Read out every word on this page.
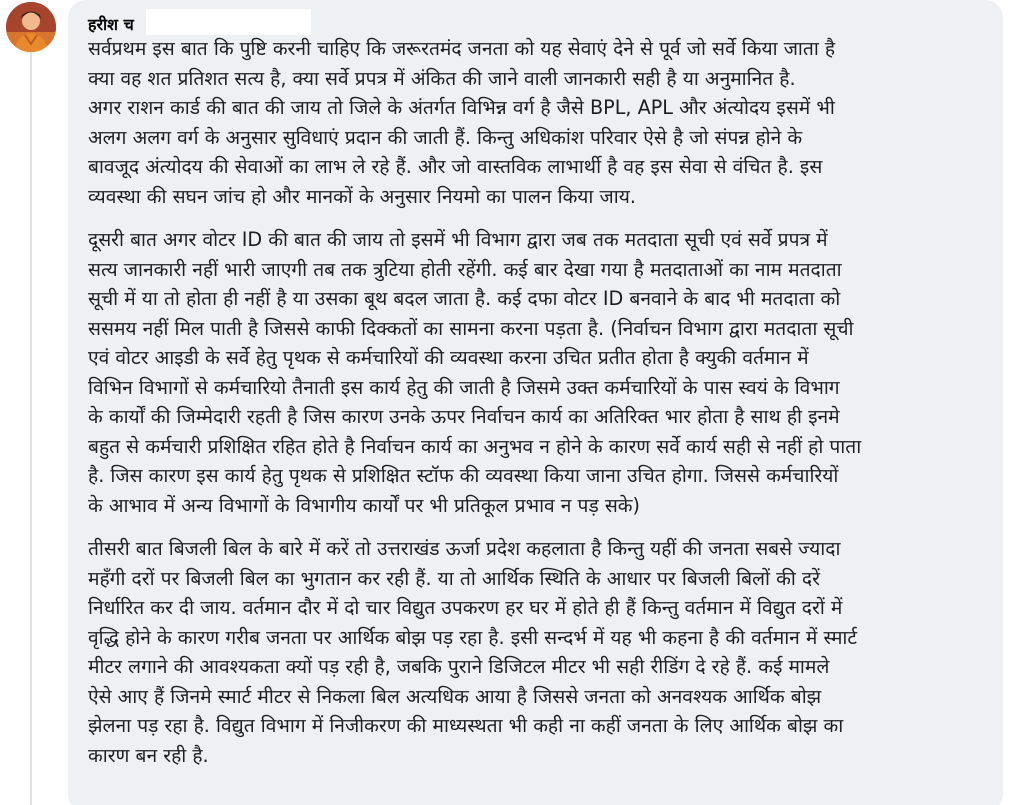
हरीश च
सर्वप्रथम इस बात कि पुष्टि करनी चाहिए कि जरूरतमंद जनता को यह सेवाएं देने से पूर्व जो सर्वे किया जाता है
क्या वह शत प्रतिशत सत्य है, क्या सर्वे प्रपत्र में अंकित की जाने वाली जानकारी सही है या अनुमानित है.
अगर राशन कार्ड की बात की जाय तो जिले के अंतर्गत विभिन्न वर्ग है जैसे BPL, APL और अंत्योदय इसमें भी
अलग अलग वर्ग के अनुसार सुविधाएं प्रदान की जाती हैं. किन्तु अधिकांश परिवार ऐसे है जो संपन्न होने के
बावजूद अंत्योदय की सेवाओं का लाभ ले रहे हैं. और जो वास्तविक लाभार्थी है वह इस सेवा से वंचित है. इस
व्यवस्था की सघन जांच हो और मानकों के अनुसार नियमो का पालन किया जाय.
दूसरी बात अगर वोटर ID की बात की जाय तो इसमें भी विभाग द्वारा जब तक मतदाता सूची एवं सर्वे प्रपत्र में
सत्य जानकारी नहीं भारी जाएगी तब तक त्रुटिया होती रहेंगी. कई बार देखा गया है मतदाताओं का नाम मतदाता
सूची में या तो होता ही नहीं है या उसका बूथ बदल जाता है. कई दफा वोटर ID बनवाने के बाद भी मतदाता को
ससमय नहीं मिल पाती है जिससे काफी दिक्कतों का सामना करना पड़ता है. (निर्वाचन विभाग द्वारा मतदाता सूची
एवं वोटर आइडी के सर्वे हेतु पृथक से कर्मचारियों की व्यवस्था करना उचित प्रतीत होता है क्युकी वर्तमान में
विभिन विभागों से कर्मचारियो तैनाती इस कार्य हेतु की जाती है जिसमे उक्त कर्मचारियों के पास स्वयं के विभाग
के कार्यों की जिम्मेदारी रहती है जिस कारण उनके ऊपर निर्वाचन कार्य का अतिरिक्त भार होता है साथ ही इनमे
बहुत से कर्मचारी प्रशिक्षित रहित होते है निर्वाचन कार्य का अनुभव न होने के कारण सर्वे कार्य सही से नहीं हो पाता
है. जिस कारण इस कार्य हेतु पृथक से प्रशिक्षित स्टॉफ की व्यवस्था किया जाना उचित होगा. जिससे कर्मचारियों
के आभाव में अन्य विभागों के विभागीय कार्यों पर भी प्रतिकूल प्रभाव न पड़ सके)
तीसरी बात बिजली बिल के बारे में करें तो उत्तराखंड ऊर्जा प्रदेश कहलाता है किन्तु यहीं की जनता सबसे ज्यादा
महँगी दरों पर बिजली बिल का भुगतान कर रही हैं. या तो आर्थिक स्थिति के आधार पर बिजली बिलों की दरें
निर्धारित कर दी जाय. वर्तमान दौर में दो चार विद्युत उपकरण हर घर में होते ही हैं किन्तु वर्तमान में विद्युत दरों में
वृद्धि होने के कारण गरीब जनता पर आर्थिक बोझ पड़ रहा है. इसी सन्दर्भ में यह भी कहना है की वर्तमान में स्मार्ट
मीटर लगाने की आवश्यकता क्यों पड़ रही है, जबकि पुराने डिजिटल मीटर भी सही रीडिंग दे रहे हैं. कई मामले
ऐसे आए हैं जिनमे स्मार्ट मीटर से निकला बिल अत्यधिक आया है जिससे जनता को अनवश्यक आर्थिक बोझ
झेलना पड़ रहा है. विद्युत विभाग में निजीकरण की माध्यस्थता भी कही ना कहीं जनता के लिए आर्थिक बोझ का
कारण बन रही है.
